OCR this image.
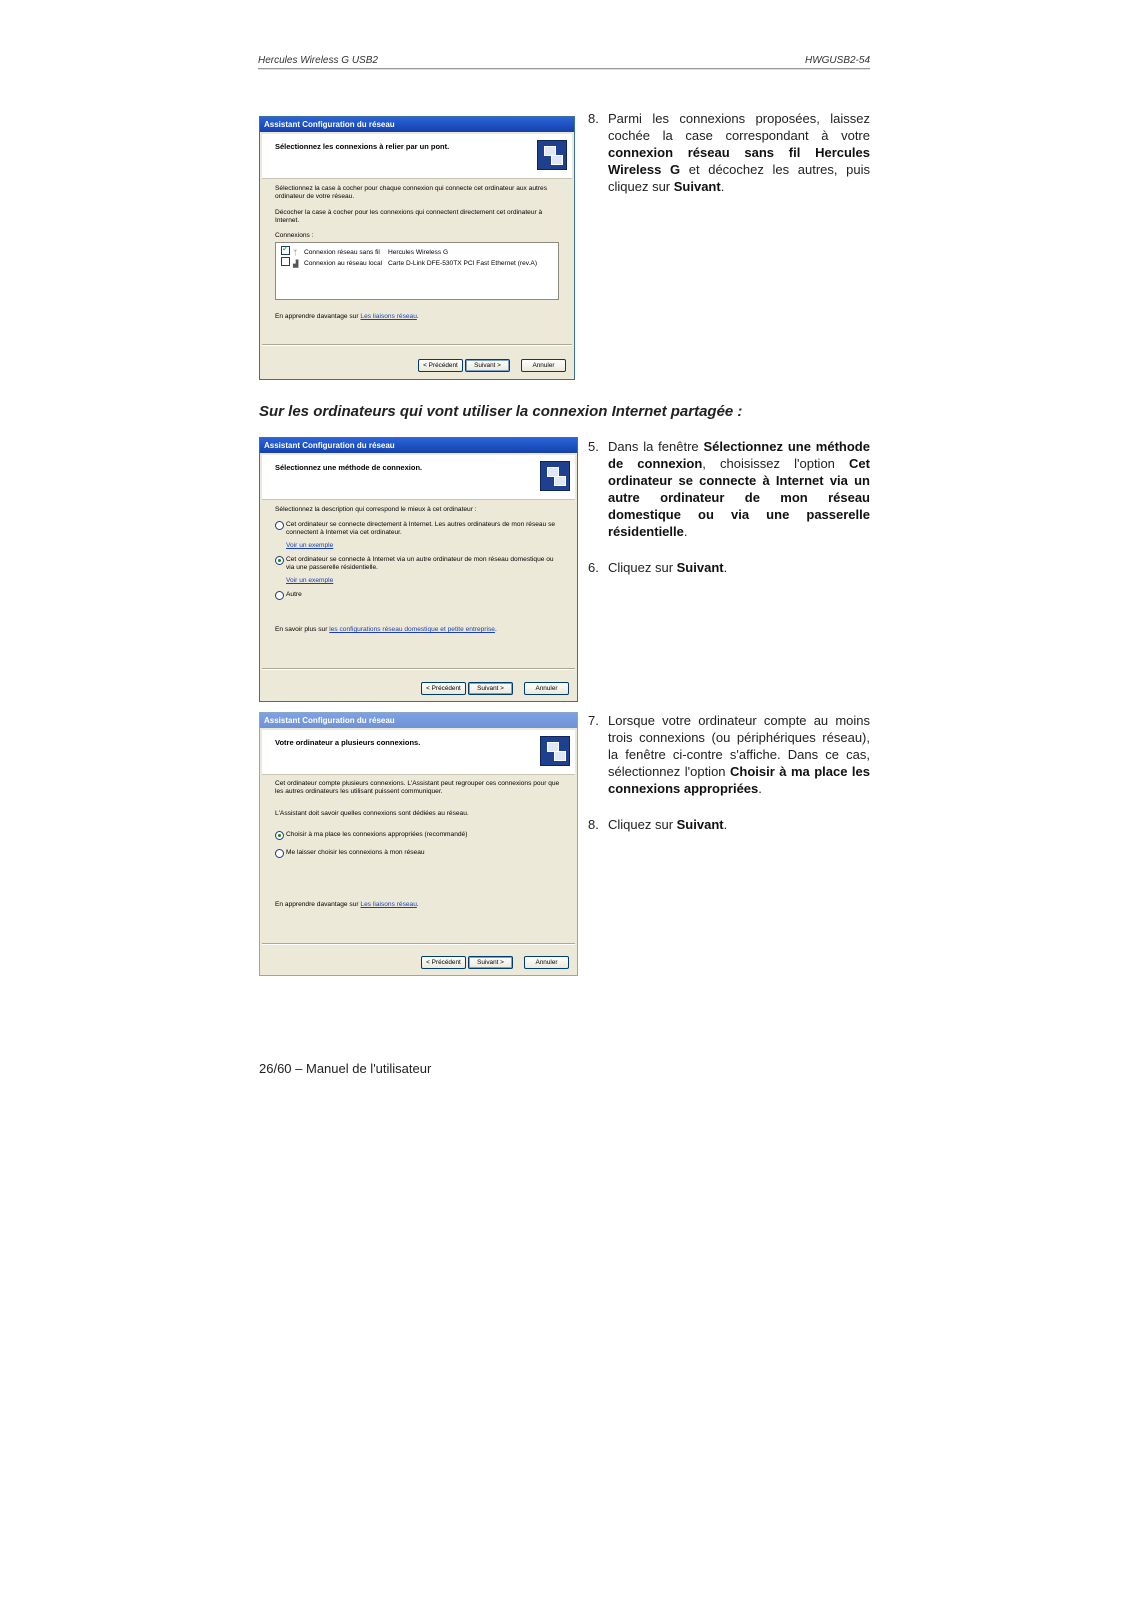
Hercules Wireless G USB2	HWGUSB2-54
Assistant Configuration du réseau
Sélectionnez les connexions à relier par un pont.
Sélectionnez la case à cocher pour chaque connexion qui connecte cet ordinateur aux autres ordinateur de votre réseau.
Décocher la case à cocher pour les connexions qui connectent directement cet ordinateur à Internet.
Connexions :
✓ᛉ Connexion réseau sans fil Hercules Wireless G
▟ Connexion au réseau local Carte D-Link DFE-530TX PCI Fast Ethernet (rev.A)
En apprendre davantage sur Les liaisons réseau.
< Précédent	Suivant >	Annuler
8. Parmi les connexions proposées, laissez cochée la case correspondant à votre connexion réseau sans fil Hercules Wireless G et décochez les autres, puis cliquez sur Suivant.
Sur les ordinateurs qui vont utiliser la connexion Internet partagée :
Assistant Configuration du réseau
Sélectionnez une méthode de connexion.
Sélectionnez la description qui correspond le mieux à cet ordinateur :
Cet ordinateur se connecte directement à Internet. Les autres ordinateurs de mon réseau se connectent à Internet via cet ordinateur.
Voir un exemple
Cet ordinateur se connecte à Internet via un autre ordinateur de mon réseau domestique ou via une passerelle résidentielle.
Voir un exemple
Autre
En savoir plus sur les configurations réseau domestique et petite entreprise.
< Précédent	Suivant >	Annuler
5. Dans la fenêtre Sélectionnez une méthode de connexion, choisissez l'option Cet ordinateur se connecte à Internet via un autre ordinateur de mon réseau domestique ou via une passerelle résidentielle.
6. Cliquez sur Suivant.
Assistant Configuration du réseau
Votre ordinateur a plusieurs connexions.
Cet ordinateur compte plusieurs connexions. L'Assistant peut regrouper ces connexions pour que les autres ordinateurs les utilisant puissent communiquer.
L'Assistant doit savoir quelles connexions sont dédiées au réseau.
Choisir à ma place les connexions appropriées (recommandé)
Me laisser choisir les connexions à mon réseau
En apprendre davantage sur Les liaisons réseau.
< Précédent	Suivant >	Annuler
7. Lorsque votre ordinateur compte au moins trois connexions (ou périphériques réseau), la fenêtre ci-contre s'affiche. Dans ce cas, sélectionnez l'option Choisir à ma place les connexions appropriées.
8. Cliquez sur Suivant.
26/60 – Manuel de l'utilisateur
